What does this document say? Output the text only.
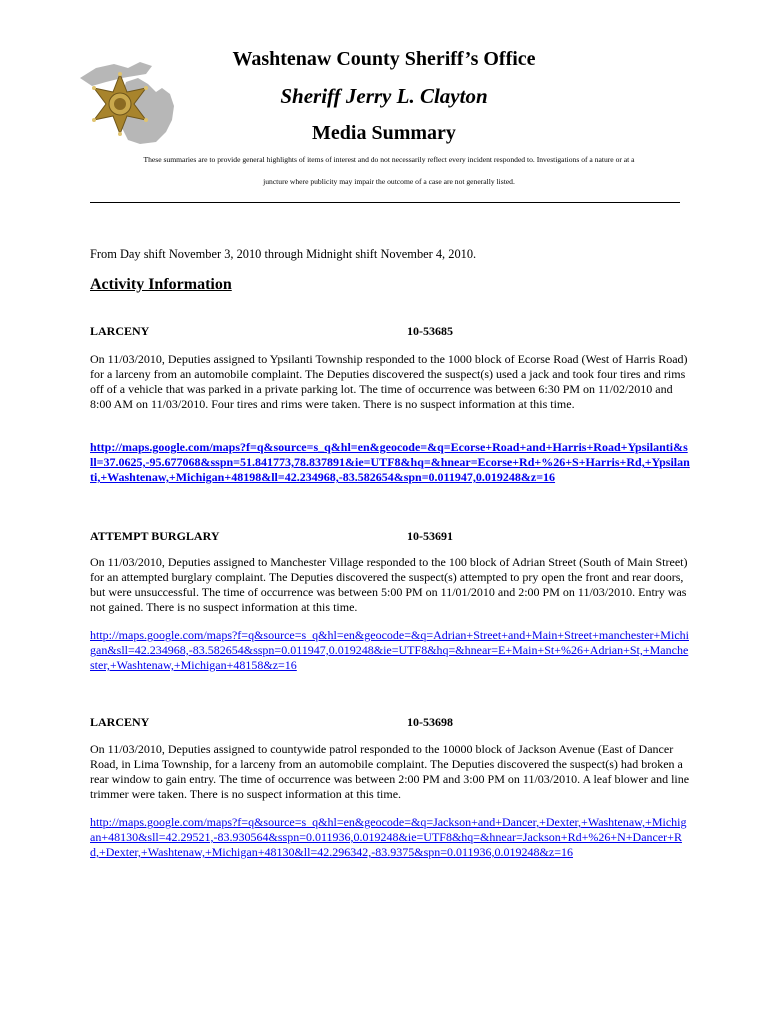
Washtenaw County Sheriff’s Office
Sheriff Jerry L. Clayton
Media Summary
These summaries are to provide general highlights of items of interest and do not necessarily reflect every incident responded to. Investigations of a nature or at a
juncture where publicity may impair the outcome of a case are not generally listed.
From Day shift November 3, 2010 through Midnight shift November 4, 2010.
Activity Information
LARCENY	10-53685
On 11/03/2010, Deputies assigned to Ypsilanti Township responded to the 1000 block of Ecorse Road (West of Harris Road) for a larceny from an automobile complaint. The Deputies discovered the suspect(s) used a jack and took four tires and rims off of a vehicle that was parked in a private parking lot. The time of occurrence was between 6:30 PM on 11/02/2010 and 8:00 AM on 11/03/2010. Four tires and rims were taken. There is no suspect information at this time.
http://maps.google.com/maps?f=q&source=s_q&hl=en&geocode=&q=Ecorse+Road+and+Harris+Road+Ypsilanti&sll=37.0625,-95.677068&sspn=51.841773,78.837891&ie=UTF8&hq=&hnear=Ecorse+Rd+%26+S+Harris+Rd,+Ypsilanti,+Washtenaw,+Michigan+48198&ll=42.234968,-83.582654&spn=0.011947,0.019248&z=16
ATTEMPT BURGLARY	10-53691
On 11/03/2010, Deputies assigned to Manchester Village responded to the 100 block of Adrian Street (South of Main Street) for an attempted burglary complaint. The Deputies discovered the suspect(s) attempted to pry open the front and rear doors, but were unsuccessful. The time of occurrence was between 5:00 PM on 11/01/2010 and 2:00 PM on 11/03/2010. Entry was not gained. There is no suspect information at this time.
http://maps.google.com/maps?f=q&source=s_q&hl=en&geocode=&q=Adrian+Street+and+Main+Street+manchester+Michigan&sll=42.234968,-83.582654&sspn=0.011947,0.019248&ie=UTF8&hq=&hnear=E+Main+St+%26+Adrian+St,+Manchester,+Washtenaw,+Michigan+48158&z=16
LARCENY	10-53698
On 11/03/2010, Deputies assigned to countywide patrol responded to the 10000 block of Jackson Avenue (East of Dancer Road, in Lima Township, for a larceny from an automobile complaint. The Deputies discovered the suspect(s) had broken a rear window to gain entry. The time of occurrence was between 2:00 PM and 3:00 PM on 11/03/2010. A leaf blower and line trimmer were taken. There is no suspect information at this time.
http://maps.google.com/maps?f=q&source=s_q&hl=en&geocode=&q=Jackson+and+Dancer,+Dexter,+Washtenaw,+Michigan+48130&sll=42.29521,-83.930564&sspn=0.011936,0.019248&ie=UTF8&hq=&hnear=Jackson+Rd+%26+N+Dancer+Rd,+Dexter,+Washtenaw,+Michigan+48130&ll=42.296342,-83.9375&spn=0.011936,0.019248&z=16
